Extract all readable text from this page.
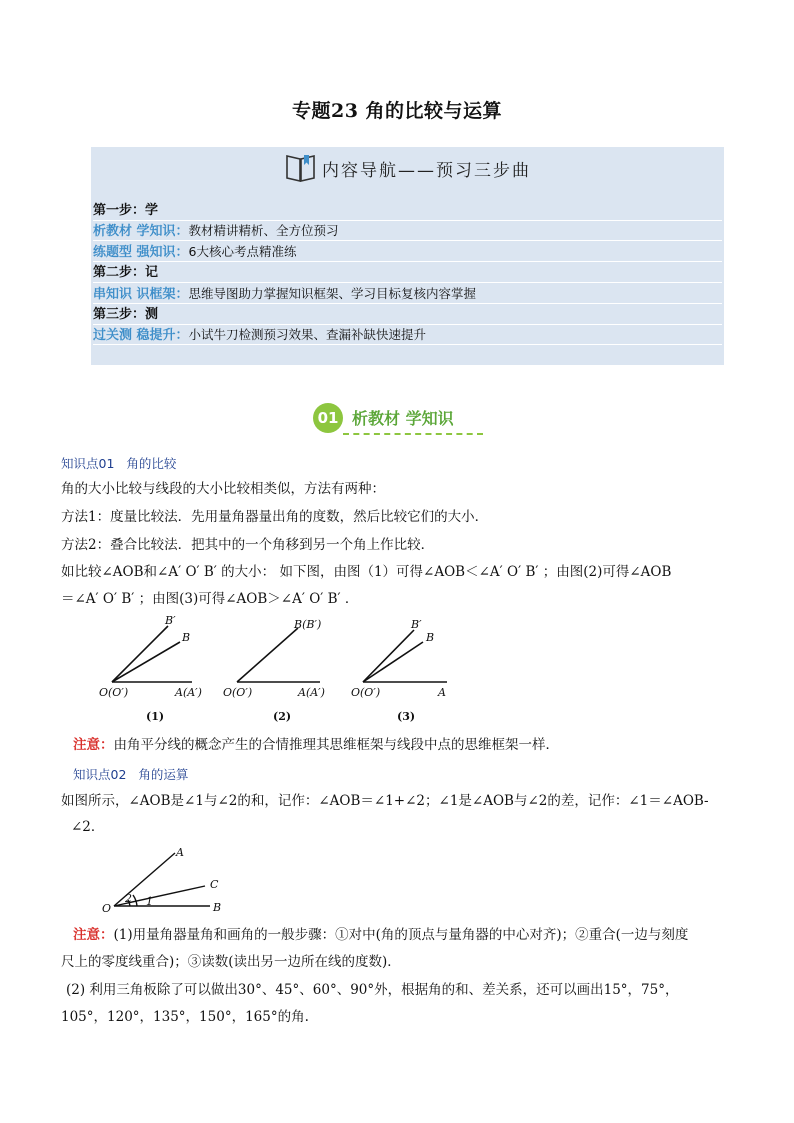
专题23 角的比较与运算
内容导航——预习三步曲
第一步：学
析教材 学知识：教材精讲精析、全方位预习
练题型 强知识：6大核心考点精准练
第二步：记
串知识 识框架：思维导图助力掌握知识框架、学习目标复核内容掌握
第三步：测
过关测 稳提升：小试牛刀检测预习效果、查漏补缺快速提升
01 析教材 学知识
知识点01 角的比较
角的大小比较与线段的大小比较相类似，方法有两种：
方法1：度量比较法．先用量角器量出角的度数，然后比较它们的大小．
方法2：叠合比较法．把其中的一个角移到另一个角上作比较．
如比较∠AOB和∠A′ O′ B′ 的大小： 如下图，由图（1）可得∠AOB＜∠A′ O′ B′ ；由图(2)可得∠AOB
＝∠A′ O′ B′ ；由图(3)可得∠AOB＞∠A′ O′ B′ ．
B′
B
O(O′)	A(A′)
B(B′)
O(O′)	A(A′)
B′
B
O(O′)	A
(1)	(2)	(3)
注意：由角平分线的概念产生的合情推理其思维框架与线段中点的思维框架一样．
知识点02 角的运算
如图所示，∠AOB是∠1与∠2的和，记作：∠AOB＝∠1+∠2；∠1是∠AOB与∠2的差，记作：∠1＝∠AOB-
∠2．
A
C
O	B
2 1
注意：(1)用量角器量角和画角的一般步骤：①对中(角的顶点与量角器的中心对齐)；②重合(一边与刻度
尺上的零度线重合)；③读数(读出另一边所在线的度数)．
(2) 利用三角板除了可以做出30°、45°、60°、90°外，根据角的和、差关系，还可以画出15°，75°，
105°，120°，135°，150°，165°的角.
